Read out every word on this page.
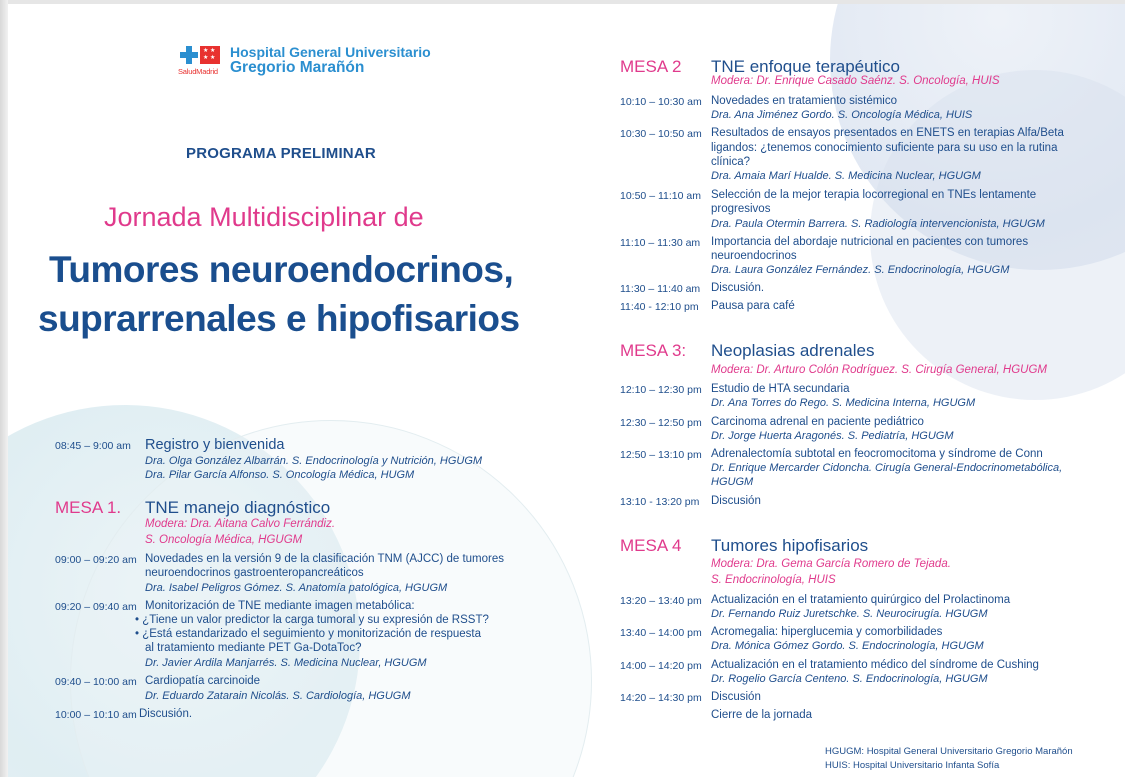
★ ★
★ ★
SaludMadrid
Hospital General Universitario
Gregorio Marañón
PROGRAMA PRELIMINAR
Jornada Multidisciplinar de
Tumores neuroendocrinos,
suprarrenales e hipofisarios
08:45 – 9:00 am Registro y bienvenida
Dra. Olga González Albarrán. S. Endocrinología y Nutrición, HGUGM
Dra. Pilar García Alfonso. S. Oncología Médica, HUGM
MESA 1. TNE manejo diagnóstico
Modera: Dra. Aitana Calvo Ferrándiz.
S. Oncología Médica, HGUGM
09:00 – 09:20 am Novedades en la versión 9 de la clasificación TNM (AJCC) de tumores
neuroendocrinos gastroenteropancreáticos
Dra. Isabel Peligros Gómez. S. Anatomía patológica, HGUGM
09:20 – 09:40 am Monitorización de TNE mediante imagen metabólica:
• ¿Tiene un valor predictor la carga tumoral y su expresión de RSST?
• ¿Está estandarizado el seguimiento y monitorización de respuesta
al tratamiento mediante PET Ga-DotaToc?
Dr. Javier Ardila Manjarrés. S. Medicina Nuclear, HGUGM
09:40 – 10:00 am Cardiopatía carcinoide
Dr. Eduardo Zatarain Nicolás. S. Cardiología, HGUGM
10:00 – 10:10 am Discusión.
MESA 2 TNE enfoque terapéutico
Modera: Dr. Enrique Casado Saénz. S. Oncología, HUIS
10:10 – 10:30 am Novedades en tratamiento sistémico
Dra. Ana Jiménez Gordo. S. Oncología Médica, HUIS
10:30 – 10:50 am Resultados de ensayos presentados en ENETS en terapias Alfa/Beta
ligandos: ¿tenemos conocimiento suficiente para su uso en la rutina
clínica?
Dra. Amaia Marí Hualde. S. Medicina Nuclear, HGUGM
10:50 – 11:10 am Selección de la mejor terapia locorregional en TNEs lentamente
progresivos
Dra. Paula Otermin Barrera. S. Radiología intervencionista, HGUGM
11:10 – 11:30 am Importancia del abordaje nutricional en pacientes con tumores
neuroendocrinos
Dra. Laura González Fernández. S. Endocrinología, HGUGM
11:30 – 11:40 am Discusión.
11:40 - 12:10 pm Pausa para café
MESA 3: Neoplasias adrenales
Modera: Dr. Arturo Colón Rodríguez. S. Cirugía General, HGUGM
12:10 – 12:30 pm Estudio de HTA secundaria
Dr. Ana Torres do Rego. S. Medicina Interna, HGUGM
12:30 – 12:50 pm Carcinoma adrenal en paciente pediátrico
Dr. Jorge Huerta Aragonés. S. Pediatría, HGUGM
12:50 – 13:10 pm Adrenalectomía subtotal en feocromocitoma y síndrome de Conn
Dr. Enrique Mercarder Cidoncha. Cirugía General-Endocrinometabólica,
HGUGM
13:10 - 13:20 pm Discusión
MESA 4 Tumores hipofisarios
Modera: Dra. Gema García Romero de Tejada.
S. Endocrinología, HUIS
13:20 – 13:40 pm Actualización en el tratamiento quirúrgico del Prolactinoma
Dr. Fernando Ruiz Juretschke. S. Neurocirugía. HGUGM
13:40 – 14:00 pm Acromegalia: hiperglucemia y comorbilidades
Dra. Mónica Gómez Gordo. S. Endocrinología, HGUGM
14:00 – 14:20 pm Actualización en el tratamiento médico del síndrome de Cushing
Dr. Rogelio García Centeno. S. Endocrinología, HGUGM
14:20 – 14:30 pm Discusión
Cierre de la jornada
HGUGM: Hospital General Universitario Gregorio Marañón
HUIS: Hospital Universitario Infanta Sofía
